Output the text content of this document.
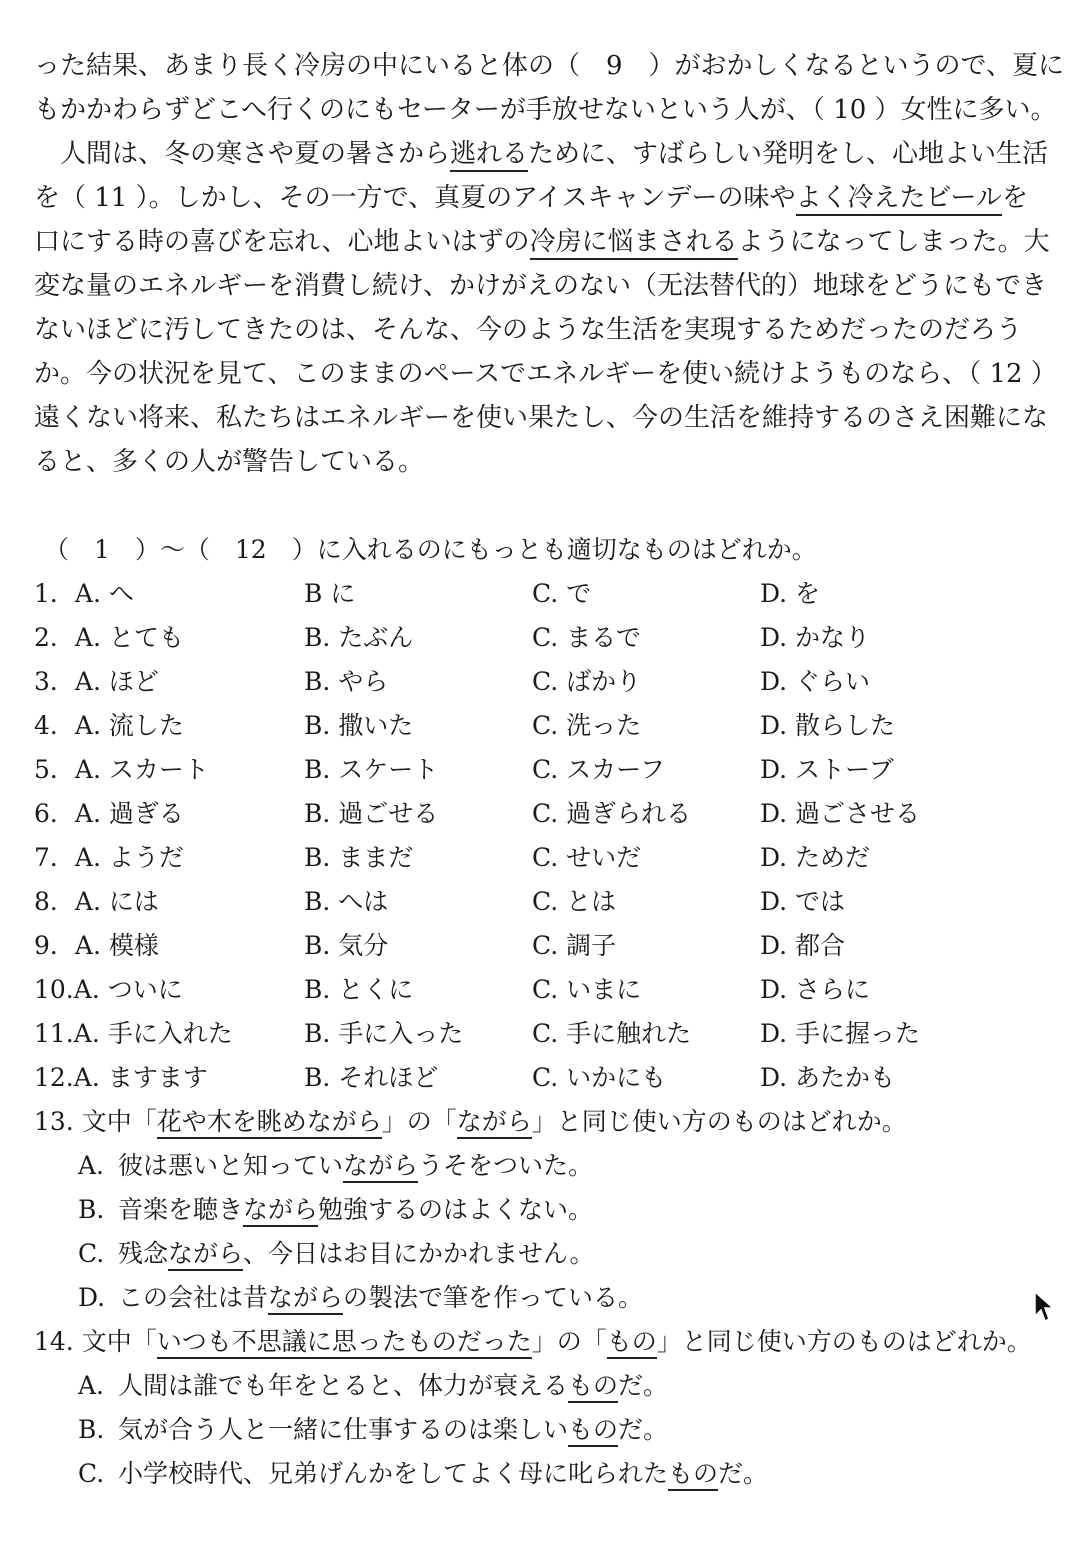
った結果、あまり長く冷房の中にいると体の（　9　）がおかしくなるというので、夏に
もかかわらずどこへ行くのにもセーターが手放せないという人が、（ 10 ）女性に多い。
　人間は、冬の寒さや夏の暑さから逃れるために、すばらしい発明をし、心地よい生活
を（ 11 ）。しかし、その一方で、真夏のアイスキャンデーの味やよく冷えたビールを
口にする時の喜びを忘れ、心地よいはずの冷房に悩まされるようになってしまった。大
変な量のエネルギーを消費し続け、かけがえのない（无法替代的）地球をどうにもでき
ないほどに汚してきたのは、そんな、今のような生活を実現するためだったのだろう
か。今の状況を見て、このままのペースでエネルギーを使い続けようものなら、（ 12 ）
遠くない将来、私たちはエネルギーを使い果たし、今の生活を維持するのさえ困難にな
ると、多くの人が警告している。
（　1　）～（　12　）に入れるのにもっとも適切なものはどれか。
1．A. へ	B に	C. で	D. を
2．A. とても	B. たぶん	C. まるで	D. かなり
3．A. ほど	B. やら	C. ばかり	D. ぐらい
4．A. 流した	B. 撒いた	C. 洗った	D. 散らした
5．A. スカート	B. スケート	C. スカーフ	D. ストーブ
6．A. 過ぎる	B. 過ごせる	C. 過ぎられる	D. 過ごさせる
7．A. ようだ	B. ままだ	C. せいだ	D. ためだ
8．A. には	B. へは	C. とは	D. では
9．A. 模様	B. 気分	C. 調子	D. 都合
10.A. ついに	B. とくに	C. いまに	D. さらに
11.A. 手に入れた	B. 手に入った	C. 手に触れた	D. 手に握った
12.A. ますます	B. それほど	C. いかにも	D. あたかも
13. 文中「花や木を眺めながら」の「ながら」と同じ使い方のものはどれか。
A. 彼は悪いと知っていながらうそをついた。
B. 音楽を聴きながら勉強するのはよくない。
C. 残念ながら、今日はお目にかかれません。
D. この会社は昔ながらの製法で筆を作っている。
14. 文中「いつも不思議に思ったものだった」の「もの」と同じ使い方のものはどれか。
A. 人間は誰でも年をとると、体力が衰えるものだ。
B. 気が合う人と一緒に仕事するのは楽しいものだ。
C. 小学校時代、兄弟げんかをしてよく母に叱られたものだ。
